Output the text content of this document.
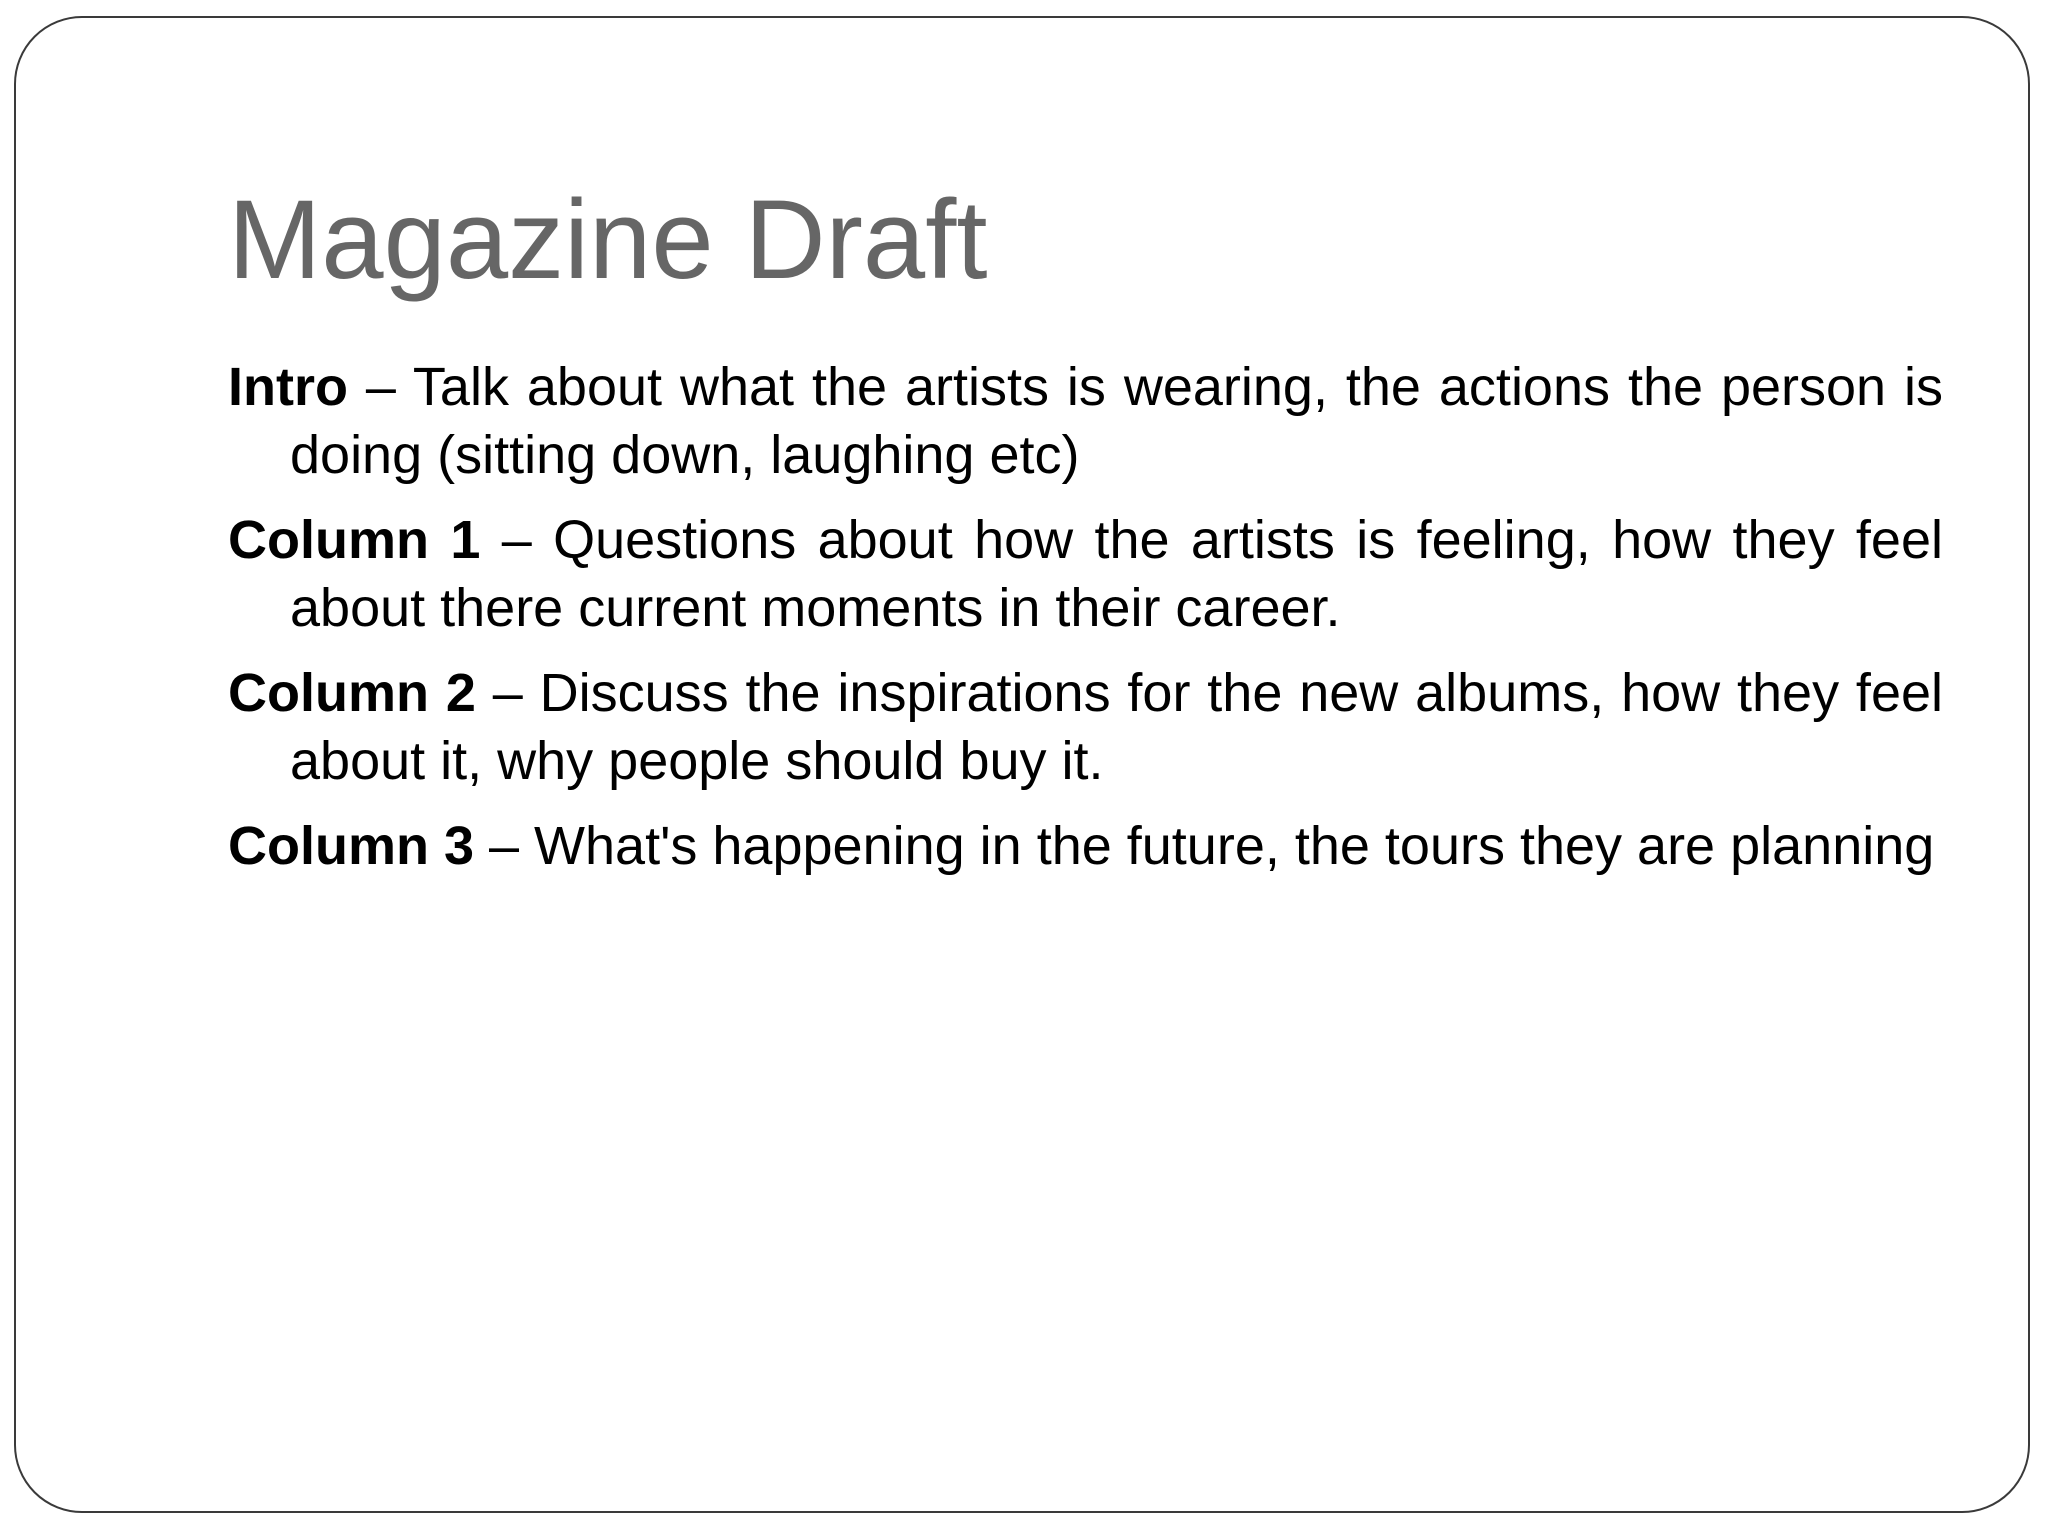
Magazine Draft
Intro – Talk about what the artists is wearing, the actions the person is doing (sitting down, laughing etc)
Column 1 – Questions about how the artists is feeling, how they feel about there current moments in their career.
Column 2 – Discuss the inspirations for the new albums, how they feel about it, why people should buy it.
Column 3 – What's happening in the future, the tours they are planning
